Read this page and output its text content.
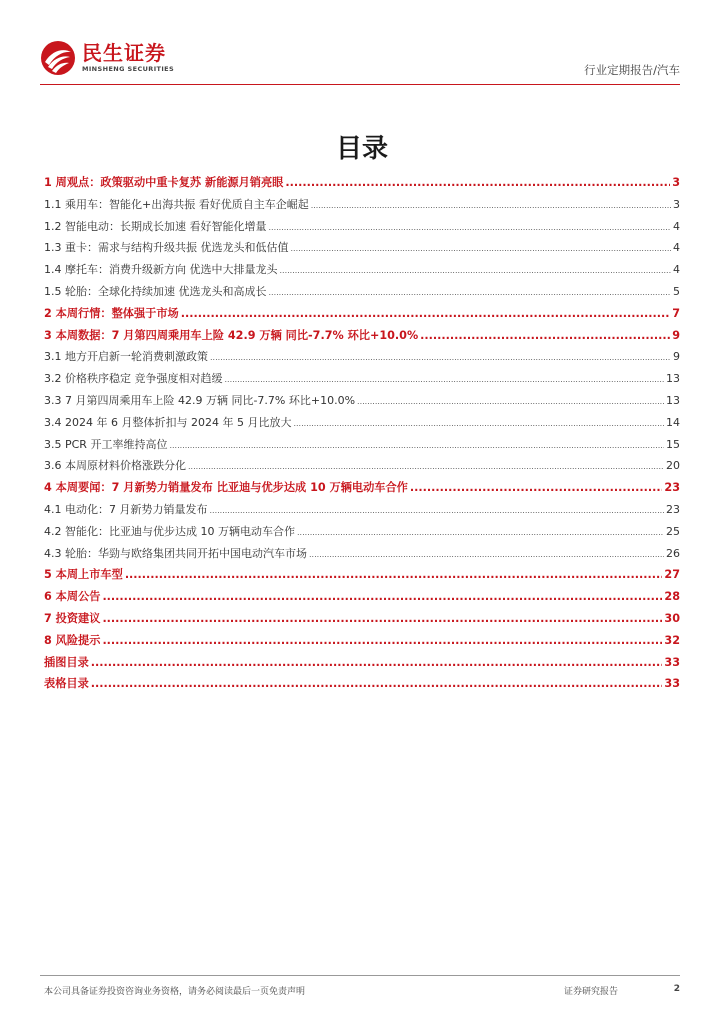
民生证券
MINSHENG SECURITIES	行业定期报告/汽车
目录
1 周观点：政策驱动中重卡复苏 新能源月销亮眼 .....	3
1.1 乘用车：智能化+出海共振 看好优质自主车企崛起 .....	3
1.2 智能电动：长期成长加速 看好智能化增量 .....	4
1.3 重卡：需求与结构升级共振 优选龙头和低估值 .....	4
1.4 摩托车：消费升级新方向 优选中大排量龙头 .....	4
1.5 轮胎：全球化持续加速 优选龙头和高成长 .....	5
2 本周行情：整体强于市场 .....	7
3 本周数据：7 月第四周乘用车上险 42.9 万辆 同比-7.7% 环比+10.0% .....	9
3.1 地方开启新一轮消费刺激政策 .....	9
3.2 价格秩序稳定 竞争强度相对趋缓 .....	13
3.3 7 月第四周乘用车上险 42.9 万辆 同比-7.7% 环比+10.0% .....	13
3.4 2024 年 6 月整体折扣与 2024 年 5 月比放大 .....	14
3.5 PCR 开工率维持高位 .....	15
3.6 本周原材料价格涨跌分化 .....	20
4 本周要闻：7 月新势力销量发布 比亚迪与优步达成 10 万辆电动车合作 .....	23
4.1 电动化：7 月新势力销量发布 .....	23
4.2 智能化：比亚迪与优步达成 10 万辆电动车合作 .....	25
4.3 轮胎：华勁与欧络集团共同开拓中国电动汽车市场 .....	26
5 本周上市车型 .....	27
6 本周公告 .....	28
7 投资建议 .....	30
8 风险提示 .....	32
插图目录 .....	33
表格目录 .....	33
本公司具备证券投资咨询业务资格，请务必阅读最后一页免责声明	证券研究报告	2
